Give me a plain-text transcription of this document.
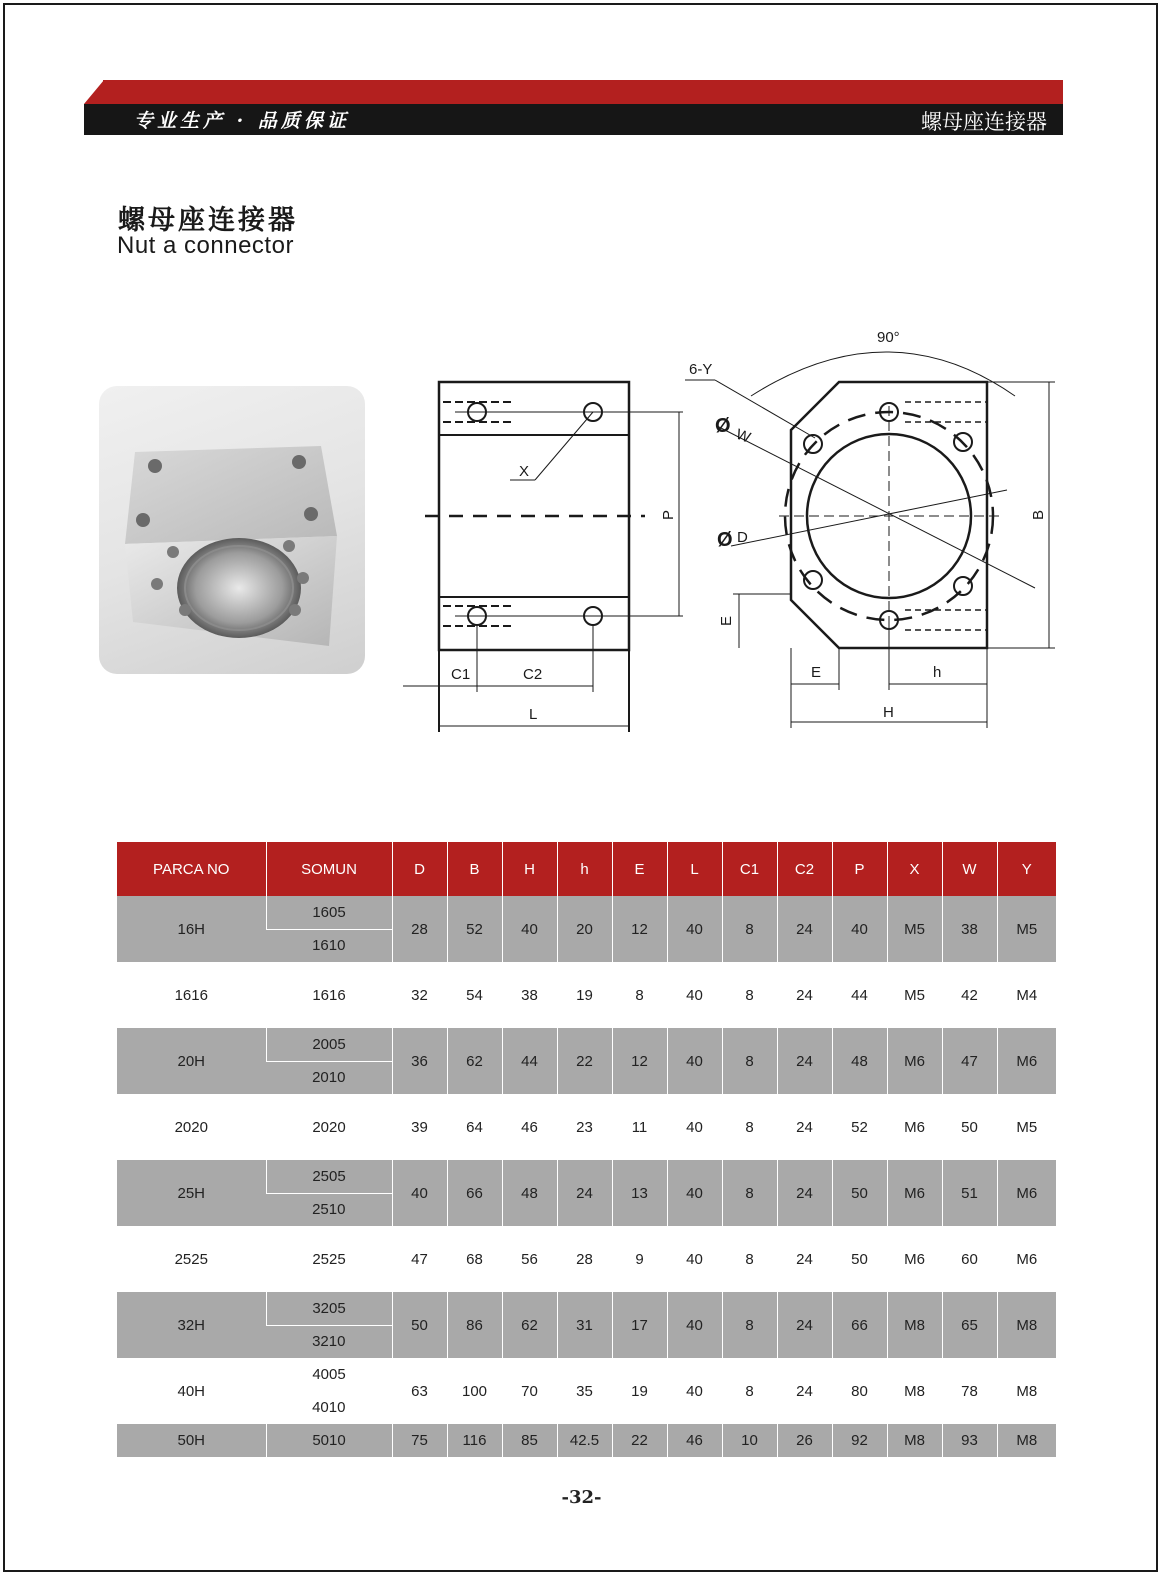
专业生产 · 品质保证	螺母座连接器
螺母座连接器
Nut a connector
X
P
C1	C2
L
90°
6-Y
Ø W
Ø D
B
E
E	h
H
PARCA NO	SOMUN	D	B	H	h	E	L	C1	C2	P	X	W	Y
16H	1605	28	52	40	20	12	40	8	24	40	M5	38	M5
	1610												
1616	1616	32	54	38	19	8	40	8	24	44	M5	42	M4
20H	2005	36	62	44	22	12	40	8	24	48	M6	47	M6
	2010												
2020	2020	39	64	46	23	11	40	8	24	52	M6	50	M5
25H	2505	40	66	48	24	13	40	8	24	50	M6	51	M6
	2510												
2525	2525	47	68	56	28	9	40	8	24	50	M6	60	M6
32H	3205	50	86	62	31	17	40	8	24	66	M8	65	M8
	3210												
40H	4005	63	100	70	35	19	40	8	24	80	M8	78	M8
	4010												
50H	5010	75	116	85	42.5	22	46	10	26	92	M8	93	M8
-32-
